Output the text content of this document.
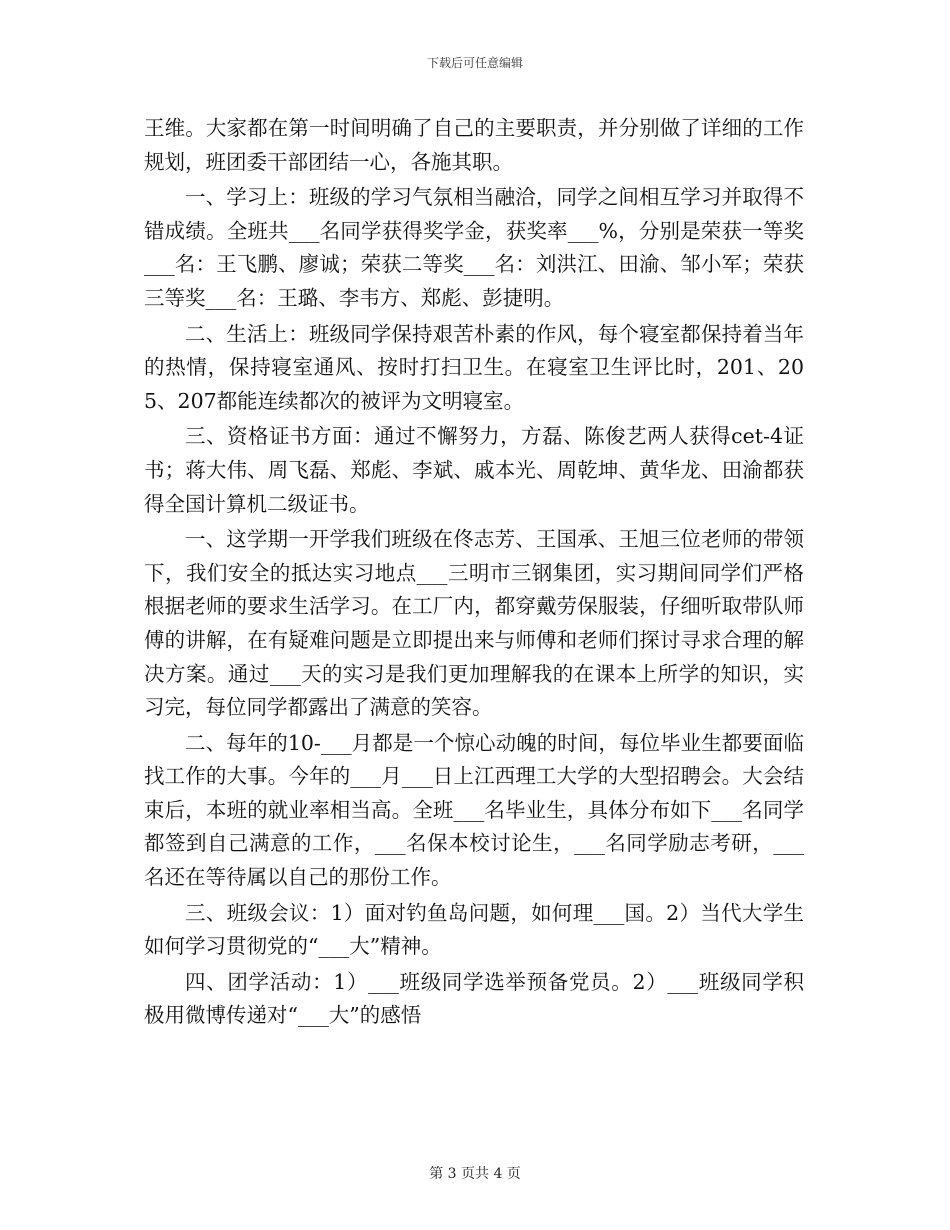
下载后可任意编辑

王维。大家都在第一时间明确了自己的主要职责，并分别做了详细的工作规划，班团委干部团结一心，各施其职。

一、学习上：班级的学习气氛相当融洽，同学之间相互学习并取得不错成绩。全班共___名同学获得奖学金，获奖率___%，分别是荣获一等奖___名：王飞鹏、廖诚；荣获二等奖___名：刘洪江、田渝、邹小军；荣获三等奖___名：王璐、李韦方、郑彪、彭捷明。

二、生活上：班级同学保持艰苦朴素的作风，每个寝室都保持着当年的热情，保持寝室通风、按时打扫卫生。在寝室卫生评比时，201、205、207都能连续都次的被评为文明寝室。

三、资格证书方面：通过不懈努力，方磊、陈俊艺两人获得cet-4证书；蒋大伟、周飞磊、郑彪、李斌、戚本光、周乾坤、黄华龙、田渝都获得全国计算机二级证书。

一、这学期一开学我们班级在佟志芳、王国承、王旭三位老师的带领下，我们安全的抵达实习地点___三明市三钢集团，实习期间同学们严格根据老师的要求生活学习。在工厂内，都穿戴劳保服装，仔细听取带队师傅的讲解，在有疑难问题是立即提出来与师傅和老师们探讨寻求合理的解决方案。通过___天的实习是我们更加理解我的在课本上所学的知识，实习完，每位同学都露出了满意的笑容。

二、每年的10-___月都是一个惊心动魄的时间，每位毕业生都要面临找工作的大事。今年的___月___日上江西理工大学的大型招聘会。大会结束后，本班的就业率相当高。全班___名毕业生，具体分布如下___名同学都签到自己满意的工作，___名保本校讨论生，___名同学励志考研，___名还在等待属以自己的那份工作。

三、班级会议：1）面对钓鱼岛问题，如何理___国。2）当代大学生如何学习贯彻党的“___大”精神。

四、团学活动：1）___班级同学选举预备党员。2）___班级同学积极用微博传递对“___大”的感悟

第 3 页共 4 页
